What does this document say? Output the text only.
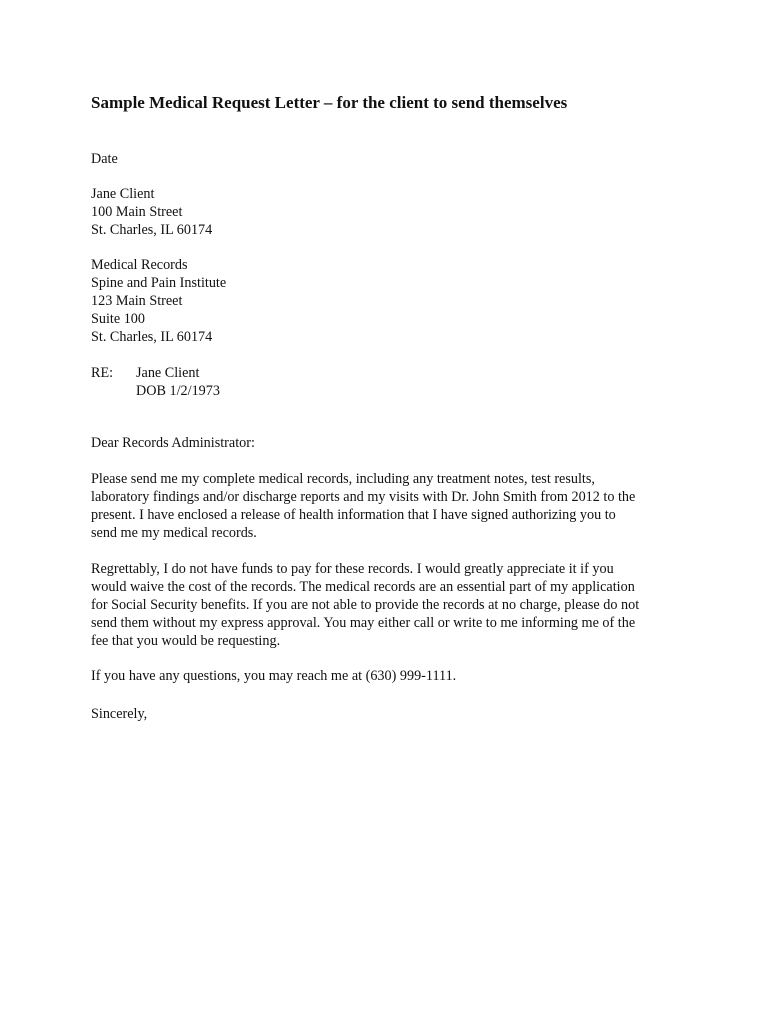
Sample Medical Request Letter – for the client to send themselves
Date
Jane Client
100 Main Street
St. Charles, IL 60174
Medical Records
Spine and Pain Institute
123 Main Street
Suite 100
St. Charles, IL 60174
RE: Jane Client
DOB 1/2/1973
Dear Records Administrator:
Please send me my complete medical records, including any treatment notes, test results,
laboratory findings and/or discharge reports and my visits with Dr. John Smith from 2012 to the
present. I have enclosed a release of health information that I have signed authorizing you to
send me my medical records.
Regrettably, I do not have funds to pay for these records. I would greatly appreciate it if you
would waive the cost of the records. The medical records are an essential part of my application
for Social Security benefits. If you are not able to provide the records at no charge, please do not
send them without my express approval. You may either call or write to me informing me of the
fee that you would be requesting.
If you have any questions, you may reach me at (630) 999-1111.
Sincerely,
